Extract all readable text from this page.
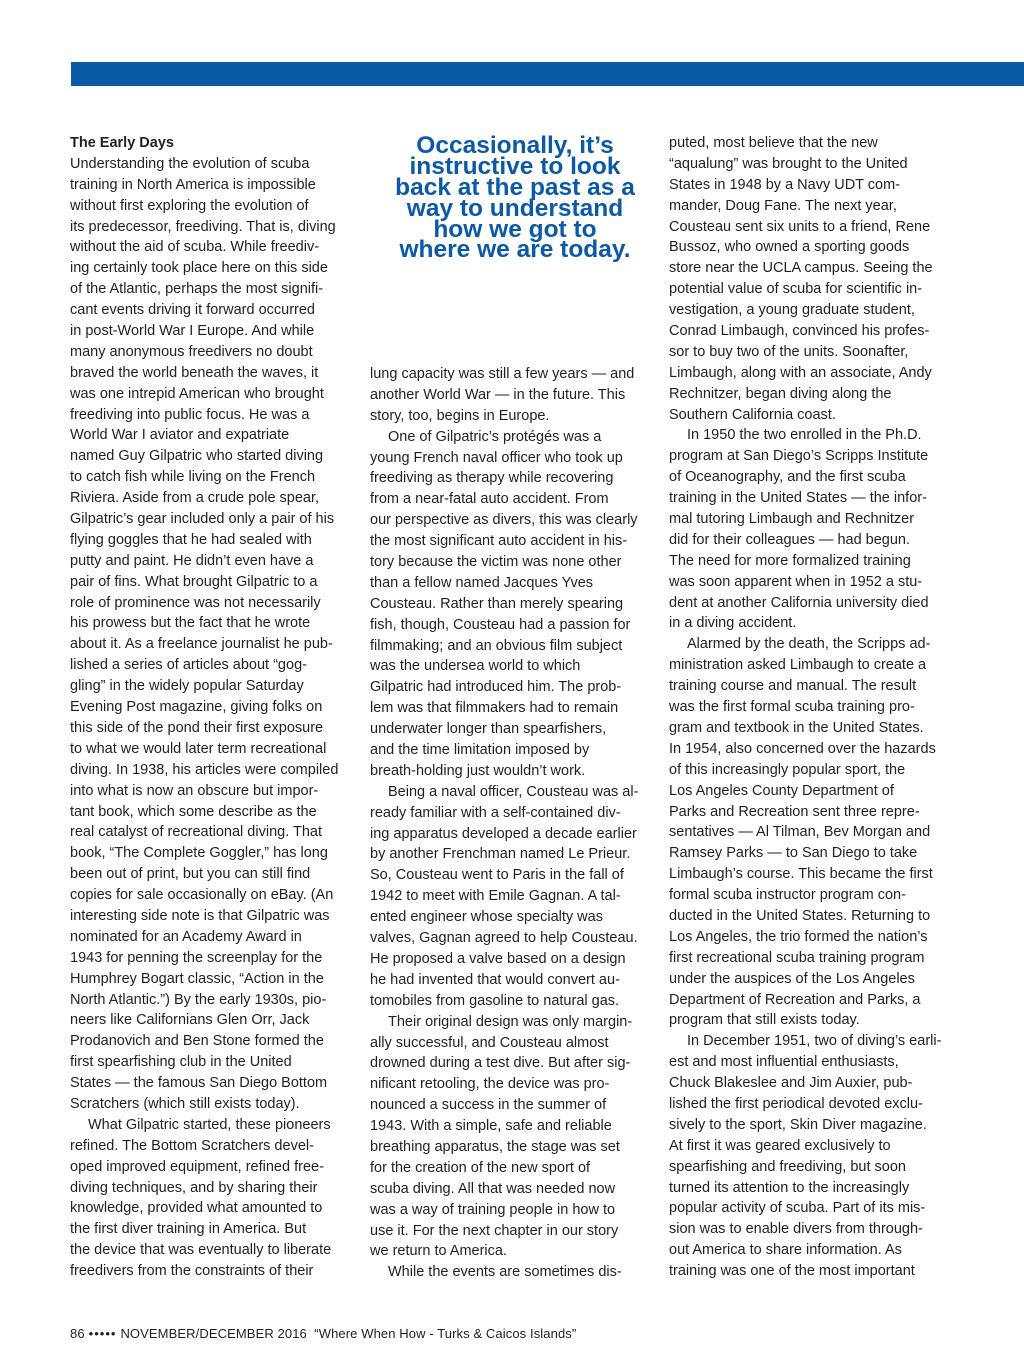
The Early Days
Understanding the evolution of scuba
training in North America is impossible
without first exploring the evolution of
its predecessor, freediving. That is, diving
without the aid of scuba. While freediv-
ing certainly took place here on this side
of the Atlantic, perhaps the most signifi-
cant events driving it forward occurred
in post-World War I Europe. And while
many anonymous freedivers no doubt
braved the world beneath the waves, it
was one intrepid American who brought
freediving into public focus. He was a
World War I aviator and expatriate
named Guy Gilpatric who started diving
to catch fish while living on the French
Riviera. Aside from a crude pole spear,
Gilpatric’s gear included only a pair of his
flying goggles that he had sealed with
putty and paint. He didn’t even have a
pair of fins. What brought Gilpatric to a
role of prominence was not necessarily
his prowess but the fact that he wrote
about it. As a freelance journalist he pub-
lished a series of articles about “gog-
gling” in the widely popular Saturday
Evening Post magazine, giving folks on
this side of the pond their first exposure
to what we would later term recreational
diving. In 1938, his articles were compiled
into what is now an obscure but impor-
tant book, which some describe as the
real catalyst of recreational diving. That
book, “The Complete Goggler,” has long
been out of print, but you can still find
copies for sale occasionally on eBay. (An
interesting side note is that Gilpatric was
nominated for an Academy Award in
1943 for penning the screenplay for the
Humphrey Bogart classic, “Action in the
North Atlantic.”) By the early 1930s, pio-
neers like Californians Glen Orr, Jack
Prodanovich and Ben Stone formed the
first spearfishing club in the United
States — the famous San Diego Bottom
Scratchers (which still exists today).
What Gilpatric started, these pioneers
refined. The Bottom Scratchers devel-
oped improved equipment, refined free-
diving techniques, and by sharing their
knowledge, provided what amounted to
the first diver training in America. But
the device that was eventually to liberate
freedivers from the constraints of their
Occasionally, it’s
instructive to look
back at the past as a
way to understand
how we got to
where we are today.
lung capacity was still a few years — and
another World War — in the future. This
story, too, begins in Europe.
One of Gilpatric’s protégés was a
young French naval officer who took up
freediving as therapy while recovering
from a near-fatal auto accident. From
our perspective as divers, this was clearly
the most significant auto accident in his-
tory because the victim was none other
than a fellow named Jacques Yves
Cousteau. Rather than merely spearing
fish, though, Cousteau had a passion for
filmmaking; and an obvious film subject
was the undersea world to which
Gilpatric had introduced him. The prob-
lem was that filmmakers had to remain
underwater longer than spearfishers,
and the time limitation imposed by
breath-holding just wouldn’t work.
Being a naval officer, Cousteau was al-
ready familiar with a self-contained div-
ing apparatus developed a decade earlier
by another Frenchman named Le Prieur.
So, Cousteau went to Paris in the fall of
1942 to meet with Emile Gagnan. A tal-
ented engineer whose specialty was
valves, Gagnan agreed to help Cousteau.
He proposed a valve based on a design
he had invented that would convert au-
tomobiles from gasoline to natural gas.
Their original design was only margin-
ally successful, and Cousteau almost
drowned during a test dive. But after sig-
nificant retooling, the device was pro-
nounced a success in the summer of
1943. With a simple, safe and reliable
breathing apparatus, the stage was set
for the creation of the new sport of
scuba diving. All that was needed now
was a way of training people in how to
use it. For the next chapter in our story
we return to America.
While the events are sometimes dis-
puted, most believe that the new
“aqualung” was brought to the United
States in 1948 by a Navy UDT com-
mander, Doug Fane. The next year,
Cousteau sent six units to a friend, Rene
Bussoz, who owned a sporting goods
store near the UCLA campus. Seeing the
potential value of scuba for scientific in-
vestigation, a young graduate student,
Conrad Limbaugh, convinced his profes-
sor to buy two of the units. Soonafter,
Limbaugh, along with an associate, Andy
Rechnitzer, began diving along the
Southern California coast.
In 1950 the two enrolled in the Ph.D.
program at San Diego’s Scripps Institute
of Oceanography, and the first scuba
training in the United States — the infor-
mal tutoring Limbaugh and Rechnitzer
did for their colleagues — had begun.
The need for more formalized training
was soon apparent when in 1952 a stu-
dent at another California university died
in a diving accident.
Alarmed by the death, the Scripps ad-
ministration asked Limbaugh to create a
training course and manual. The result
was the first formal scuba training pro-
gram and textbook in the United States.
In 1954, also concerned over the hazards
of this increasingly popular sport, the
Los Angeles County Department of
Parks and Recreation sent three repre-
sentatives — Al Tilman, Bev Morgan and
Ramsey Parks — to San Diego to take
Limbaugh’s course. This became the first
formal scuba instructor program con-
ducted in the United States. Returning to
Los Angeles, the trio formed the nation’s
first recreational scuba training program
under the auspices of the Los Angeles
Department of Recreation and Parks, a
program that still exists today.
In December 1951, two of diving’s earli-
est and most influential enthusiasts,
Chuck Blakeslee and Jim Auxier, pub-
lished the first periodical devoted exclu-
sively to the sport, Skin Diver magazine.
At first it was geared exclusively to
spearfishing and freediving, but soon
turned its attention to the increasingly
popular activity of scuba. Part of its mis-
sion was to enable divers from through-
out America to share information. As
training was one of the most important
86 ••••• NOVEMBER/DECEMBER 2016 “Where When How - Turks & Caicos Islands”
